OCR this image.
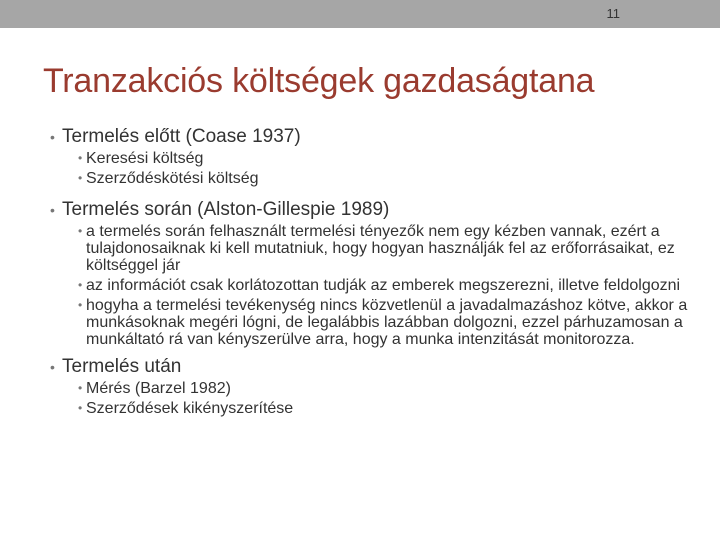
11
Tranzakciós költségek gazdaságtana
• Termelés előtt (Coase 1937)
• Keresési költség
• Szerződéskötési költség
• Termelés során (Alston-Gillespie 1989)
• a termelés során felhasznált termelési tényezők nem egy kézben vannak, ezért a tulajdonosaiknak ki kell mutatniuk, hogy hogyan használják fel az erőforrásaikat, ez költséggel jár
• az információt csak korlátozottan tudják az emberek megszerezni, illetve feldolgozni
• hogyha a termelési tevékenység nincs közvetlenül a javadalmazáshoz kötve, akkor a munkásoknak megéri lógni, de legalábbis lazábban dolgozni, ezzel párhuzamosan a munkáltató rá van kényszerülve arra, hogy a munka intenzitását monitorozza.
• Termelés után
• Mérés (Barzel 1982)
• Szerződések kikényszerítése
